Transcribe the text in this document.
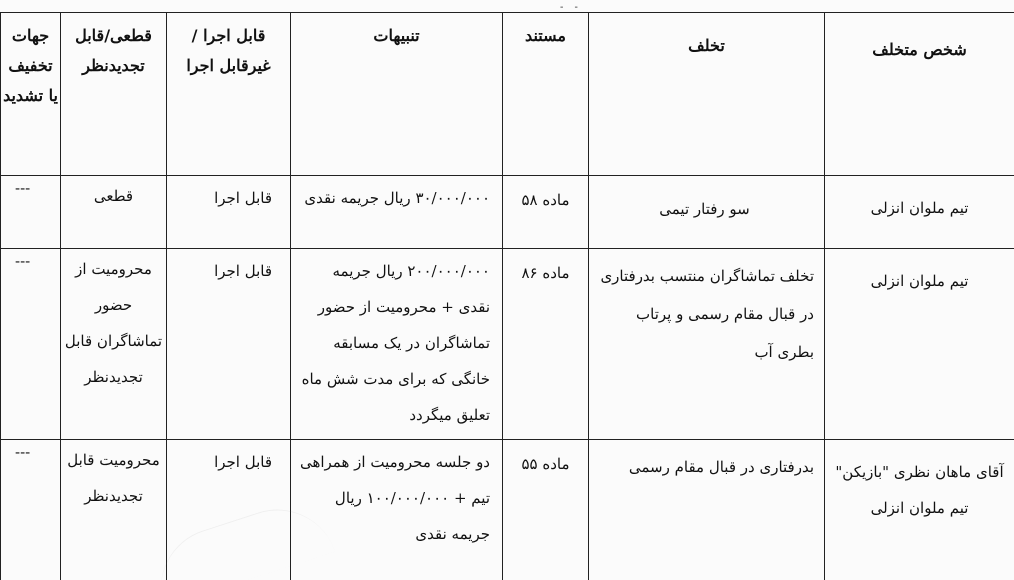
- -
شخص متخلف	تخلف	مستند	تنبیهات	قابل اجرا /غیرقابل اجرا	قطعی/قابل تجدیدنظر	جهات تخفیف یا تشدید
تیم ملوان انزلی	سو رفتار تیمی	ماده ۵۸	۳۰/۰۰۰/۰۰۰ ریال جریمه نقدی	قابل اجرا	قطعی	---
تیم ملوان انزلی	تخلف تماشاگران منتسب بدرفتاری در قبال مقام رسمی و پرتاب بطری آب	ماده ۸۶	۲۰۰/۰۰۰/۰۰۰ ریال جریمه نقدی + محرومیت از حضور تماشاگران در یک مسابقه خانگی که برای مدت شش ماه تعلیق میگردد	قابل اجرا	محرومیت از حضور تماشاگران قابل تجدیدنظر	---
آقای ماهان نظری "بازیکن" تیم ملوان انزلی	بدرفتاری در قبال مقام رسمی	ماده ۵۵	دو جلسه محرومیت از همراهی تیم + ۱۰۰/۰۰۰/۰۰۰ ریال جریمه نقدی	قابل اجرا	محرومیت قابل تجدیدنظر	---
